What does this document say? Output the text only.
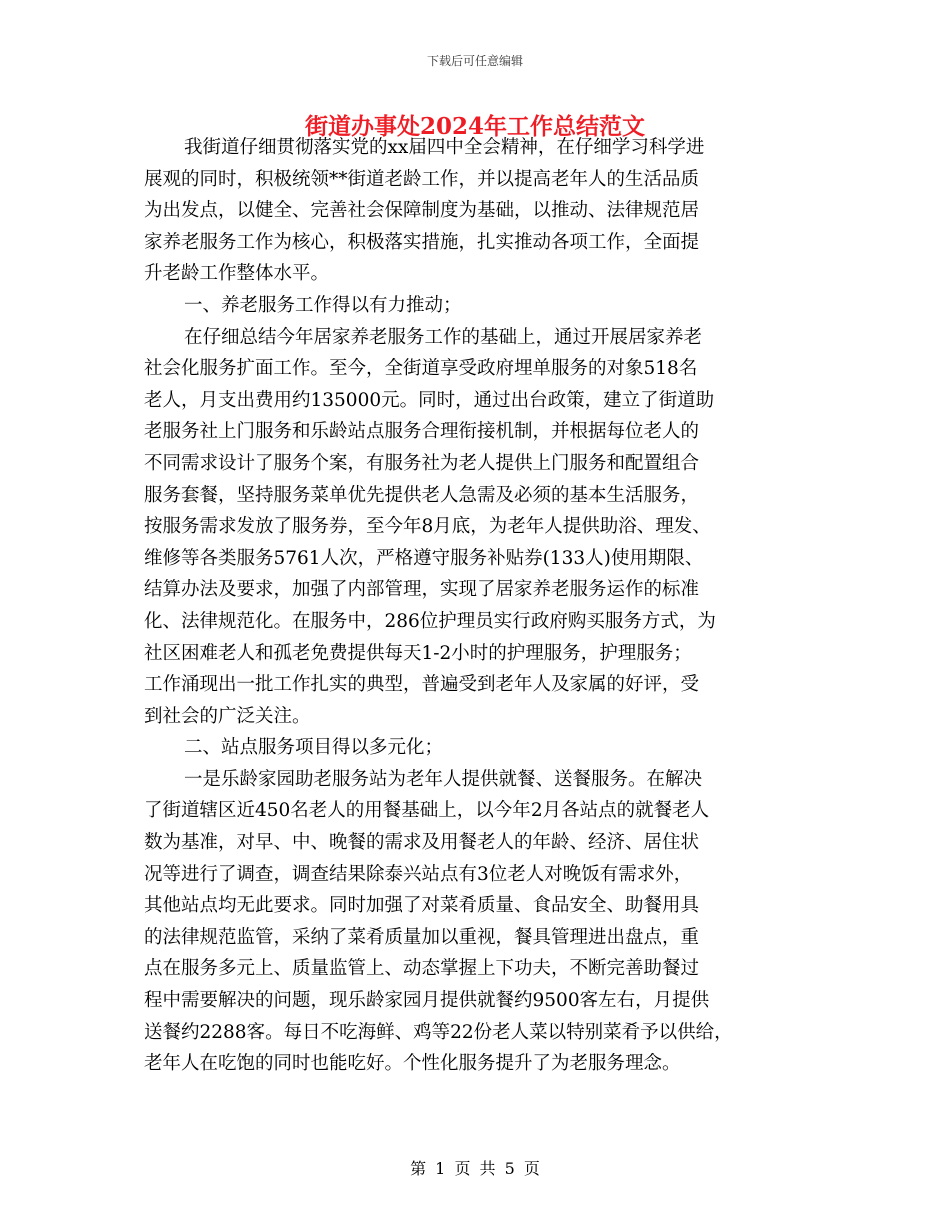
下载后可任意编辑
街道办事处2024年工作总结范文
我街道仔细贯彻落实党的xx届四中全会精神，在仔细学习科学进
展观的同时，积极统领**街道老龄工作，并以提高老年人的生活品质
为出发点，以健全、完善社会保障制度为基础，以推动、法律规范居
家养老服务工作为核心，积极落实措施，扎实推动各项工作，全面提
升老龄工作整体水平。
一、养老服务工作得以有力推动；
在仔细总结今年居家养老服务工作的基础上，通过开展居家养老
社会化服务扩面工作。至今，全街道享受政府埋单服务的对象518名
老人，月支出费用约135000元。同时，通过出台政策，建立了街道助
老服务社上门服务和乐龄站点服务合理衔接机制，并根据每位老人的
不同需求设计了服务个案，有服务社为老人提供上门服务和配置组合
服务套餐，坚持服务菜单优先提供老人急需及必须的基本生活服务，
按服务需求发放了服务券，至今年8月底，为老年人提供助浴、理发、
维修等各类服务5761人次，严格遵守服务补贴券(133人)使用期限、
结算办法及要求，加强了内部管理，实现了居家养老服务运作的标准
化、法律规范化。在服务中，286位护理员实行政府购买服务方式，为
社区困难老人和孤老免费提供每天1-2小时的护理服务，护理服务；
工作涌现出一批工作扎实的典型，普遍受到老年人及家属的好评，受
到社会的广泛关注。
二、站点服务项目得以多元化；
一是乐龄家园助老服务站为老年人提供就餐、送餐服务。在解决
了街道辖区近450名老人的用餐基础上，以今年2月各站点的就餐老人
数为基准，对早、中、晚餐的需求及用餐老人的年龄、经济、居住状
况等进行了调查，调查结果除泰兴站点有3位老人对晚饭有需求外，
其他站点均无此要求。同时加强了对菜肴质量、食品安全、助餐用具
的法律规范监管，采纳了菜肴质量加以重视，餐具管理进出盘点，重
点在服务多元上、质量监管上、动态掌握上下功夫，不断完善助餐过
程中需要解决的问题，现乐龄家园月提供就餐约9500客左右，月提供
送餐约2288客。每日不吃海鲜、鸡等22份老人菜以特别菜肴予以供给，
老年人在吃饱的同时也能吃好。个性化服务提升了为老服务理念。
第 1 页 共 5 页
